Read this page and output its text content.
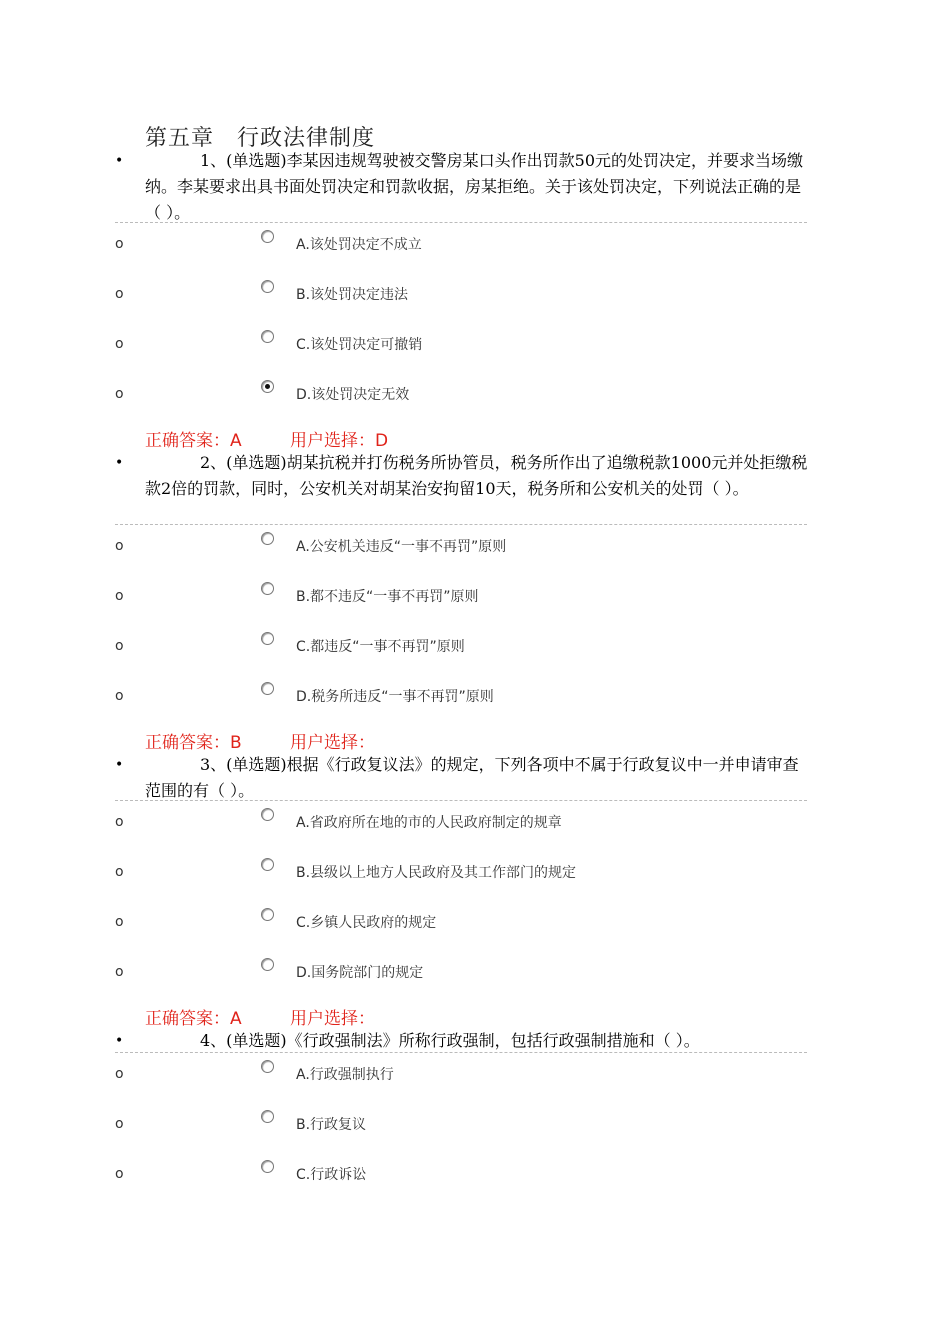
第五章　行政法律制度
•	1、(单选题)李某因违规驾驶被交警房某口头作出罚款50元的处罚决定，并要求当场缴纳。李某要求出具书面处罚决定和罚款收据，房某拒绝。关于该处罚决定，下列说法正确的是（ ）。
o	A.该处罚决定不成立
o	B.该处罚决定违法
o	C.该处罚决定可撤销
o	D.该处罚决定无效
正确答案：A	用户选择：D
•	2、(单选题)胡某抗税并打伤税务所协管员，税务所作出了追缴税款1000元并处拒缴税款2倍的罚款，同时，公安机关对胡某治安拘留10天，税务所和公安机关的处罚（ ）。
o	A.公安机关违反“一事不再罚”原则
o	B.都不违反“一事不再罚”原则
o	C.都违反“一事不再罚”原则
o	D.税务所违反“一事不再罚”原则
正确答案：B	用户选择：
•	3、(单选题)根据《行政复议法》的规定，下列各项中不属于行政复议中一并申请审查范围的有（ ）。
o	A.省政府所在地的市的人民政府制定的规章
o	B.县级以上地方人民政府及其工作部门的规定
o	C.乡镇人民政府的规定
o	D.国务院部门的规定
正确答案：A	用户选择：
•	4、(单选题)《行政强制法》所称行政强制，包括行政强制措施和（ ）。
o	A.行政强制执行
o	B.行政复议
o	C.行政诉讼
